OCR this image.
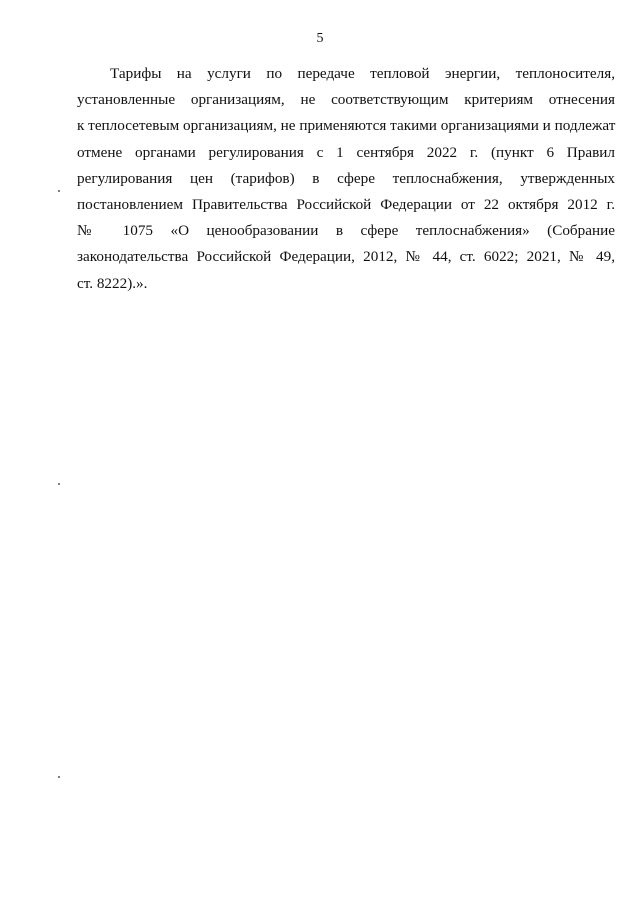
5
Тарифы на услуги по передаче тепловой энергии, теплоносителя,
установленные организациям, не соответствующим критериям отнесения
к теплосетевым организациям, не применяются такими организациями и подлежат
отмене органами регулирования с 1 сентября 2022 г. (пункт 6 Правил
регулирования цен (тарифов) в сфере теплоснабжения, утвержденных
постановлением Правительства Российской Федерации от 22 октября 2012 г.
№ 1075 «О ценообразовании в сфере теплоснабжения» (Собрание
законодательства Российской Федерации, 2012, № 44, ст. 6022; 2021, № 49,
ст. 8222).».
